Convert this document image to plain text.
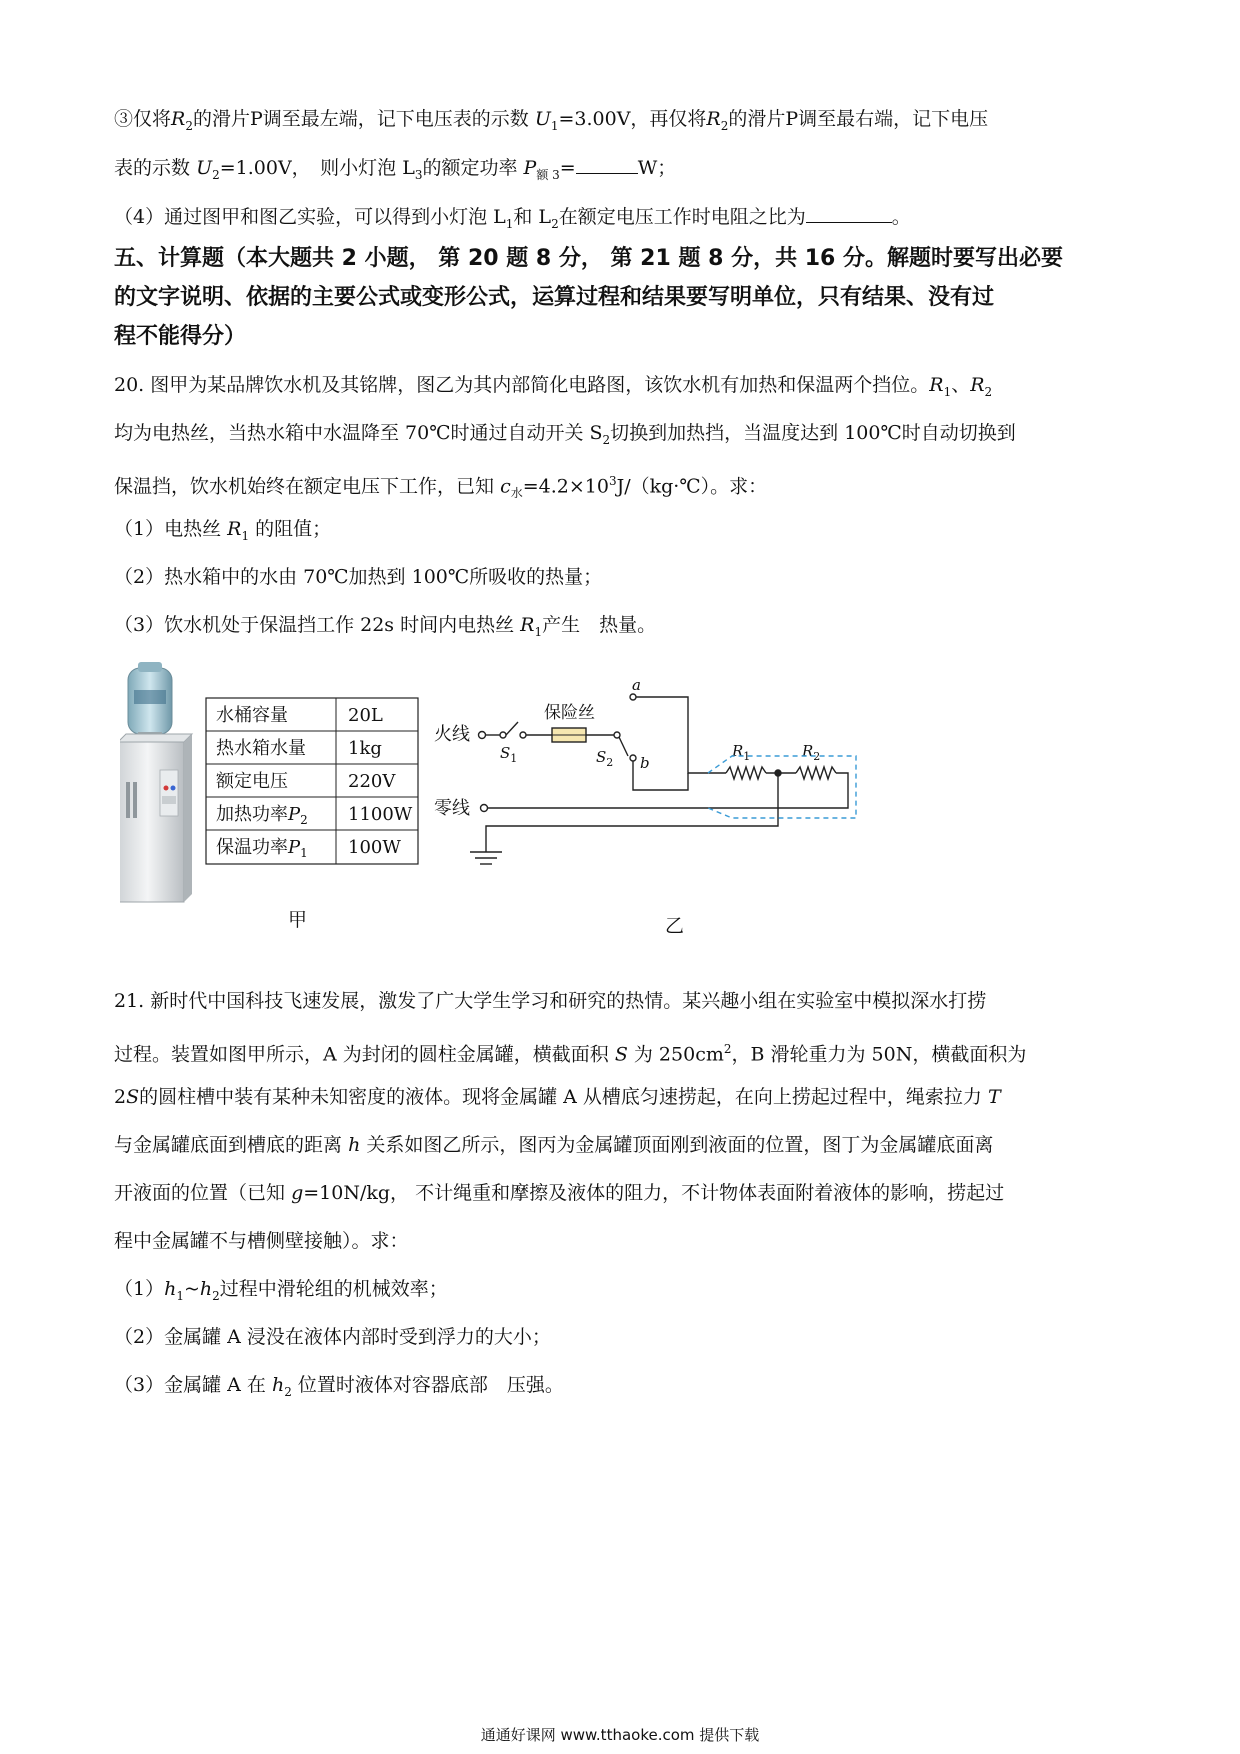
③仅将$R_2$的滑片P调至最左端，记下电压表的示数 $U_1=3.00V$，再仅将$R_2$的滑片P调至最右端，记下电压
表的示数 $U_2=1.00V$，　则小灯泡 $L_3$的额定功率 $P_{额 3}=$	W；
（4）通过图甲和图乙实验，可以得到小灯泡 $L_1$和 $L_2$在额定电压工作时电阻之比为	。
五、计算题（本大题共 2 小题， 第 20 题 8 分， 第 21 题 8 分，共 16 分。解题时要写出必要
的文字说明、依据的主要公式或变形公式，运算过程和结果要写明单位，只有结果、没有过
程不能得分）
20. 图甲为某品牌饮水机及其铭牌，图乙为其内部简化电路图，该饮水机有加热和保温两个挡位。$R_1$、$R_2$
均为电热丝，当热水箱中水温降至 70℃时通过自动开关 $S_2$切换到加热挡，当温度达到 100℃时自动切换到
保温挡，饮水机始终在额定电压下工作，已知 $c_水=4.2\times 10^3J/(kg\cdot℃)$。求：
（1）电热丝 $R_1$ 的阻值；
（2）热水箱中的水由 70℃加热到 100℃所吸收的热量；
（3）饮水机处于保温挡工作 22s 时间内电热丝 $R_1$产生　热量。
水桶容量	20L
热水箱水量 1kg
额定电压	220V
加热功率$P_2$ 1100W
保温功率$P_1$ 100W
火线
$S_1$
保险丝
$S_2$
a
b
$R_1$	$R_2$
零线
甲	乙
21. 新时代中国科技飞速发展，激发了广大学生学习和研究的热情。某兴趣小组在实验室中模拟深水打捞
过程。装置如图甲所示，A 为封闭的圆柱金属罐，横截面积 S 为 $250cm^2$，B 滑轮重力为 50N，横截面积为
2S的圆柱槽中装有某种未知密度的液体。现将金属罐 A 从槽底匀速捞起，在向上捞起过程中，绳索拉力 T
与金属罐底面到槽底的距离 h 关系如图乙所示，图丙为金属罐顶面刚到液面的位置，图丁为金属罐底面离
开液面的位置（已知 g=10N/kg， 不计绳重和摩擦及液体的阻力，不计物体表面附着液体的影响，捞起过
程中金属罐不与槽侧壁接触）。求：
$(1)h_1\sim h_2$过程中滑轮组的机械效率；
（2）金属罐 A 浸没在液体内部时受到浮力的大小；
（3）金属罐 A 在 $h_2$ 位置时液体对容器底部　压强。
通通好课网 www.tthaoke.com 提供下载
